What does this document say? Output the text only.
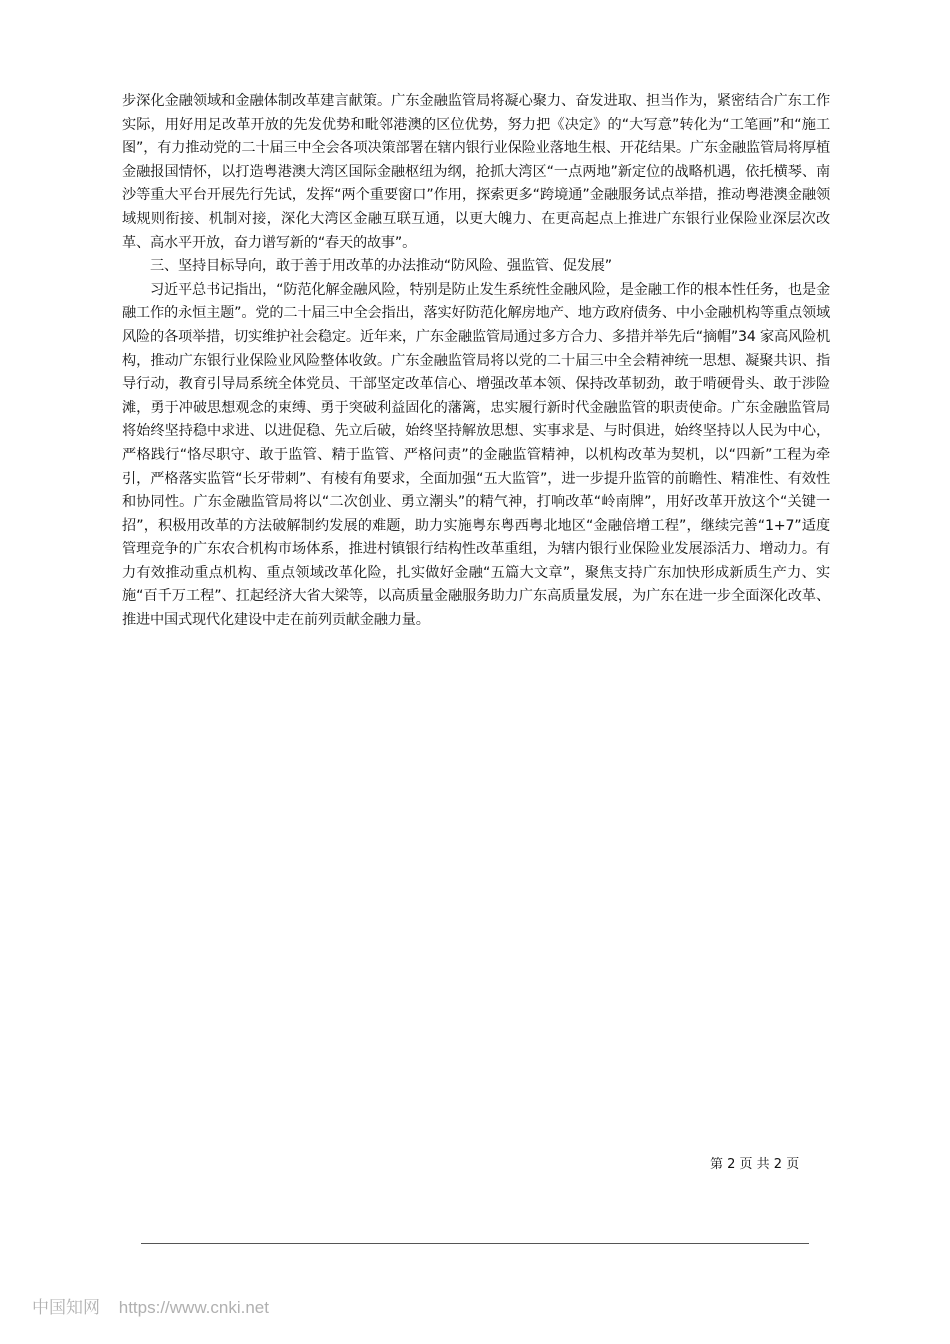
步深化金融领域和金融体制改革建言献策。广东金融监管局将凝心聚力、奋发进取、担当作为，紧密结合广东工作实际，用好用足改革开放的先发优势和毗邻港澳的区位优势，努力把《决定》的“大写意”转化为“工笔画”和“施工图”，有力推动党的二十届三中全会各项决策部署在辖内银行业保险业落地生根、开花结果。广东金融监管局将厚植金融报国情怀，以打造粤港澳大湾区国际金融枢纽为纲，抢抓大湾区“一点两地”新定位的战略机遇，依托横琴、南沙等重大平台开展先行先试，发挥“两个重要窗口”作用，探索更多“跨境通”金融服务试点举措，推动粤港澳金融领域规则衔接、机制对接，深化大湾区金融互联互通，以更大魄力、在更高起点上推进广东银行业保险业深层次改革、高水平开放，奋力谱写新的“春天的故事”。

三、坚持目标导向，敢于善于用改革的办法推动“防风险、强监管、促发展”

习近平总书记指出，“防范化解金融风险，特别是防止发生系统性金融风险，是金融工作的根本性任务，也是金融工作的永恒主题”。党的二十届三中全会指出，落实好防范化解房地产、地方政府债务、中小金融机构等重点领域风险的各项举措，切实维护社会稳定。近年来，广东金融监管局通过多方合力、多措并举先后“摘帽”34 家高风险机构，推动广东银行业保险业风险整体收敛。广东金融监管局将以党的二十届三中全会精神统一思想、凝聚共识、指导行动，教育引导局系统全体党员、干部坚定改革信心、增强改革本领、保持改革韧劲，敢于啃硬骨头、敢于涉险滩，勇于冲破思想观念的束缚、勇于突破利益固化的藩篱，忠实履行新时代金融监管的职责使命。广东金融监管局将始终坚持稳中求进、以进促稳、先立后破，始终坚持解放思想、实事求是、与时俱进，始终坚持以人民为中心，严格践行“恪尽职守、敢于监管、精于监管、严格问责”的金融监管精神，以机构改革为契机，以“四新”工程为牵引，严格落实监管“长牙带刺”、有棱有角要求，全面加强“五大监管”，进一步提升监管的前瞻性、精准性、有效性和协同性。广东金融监管局将以“二次创业、勇立潮头”的精气神，打响改革“岭南牌”，用好改革开放这个“关键一招”，积极用改革的方法破解制约发展的难题，助力实施粤东粤西粤北地区“金融倍增工程”，继续完善“1+7”适度管理竞争的广东农合机构市场体系，推进村镇银行结构性改革重组，为辖内银行业保险业发展添活力、增动力。有力有效推动重点机构、重点领域改革化险，扎实做好金融“五篇大文章”，聚焦支持广东加快形成新质生产力、实施“百千万工程”、扛起经济大省大梁等，以高质量金融服务助力广东高质量发展，为广东在进一步全面深化改革、推进中国式现代化建设中走在前列贡献金融力量。

第 2 页 共 2 页
中国知网 https://www.cnki.net
